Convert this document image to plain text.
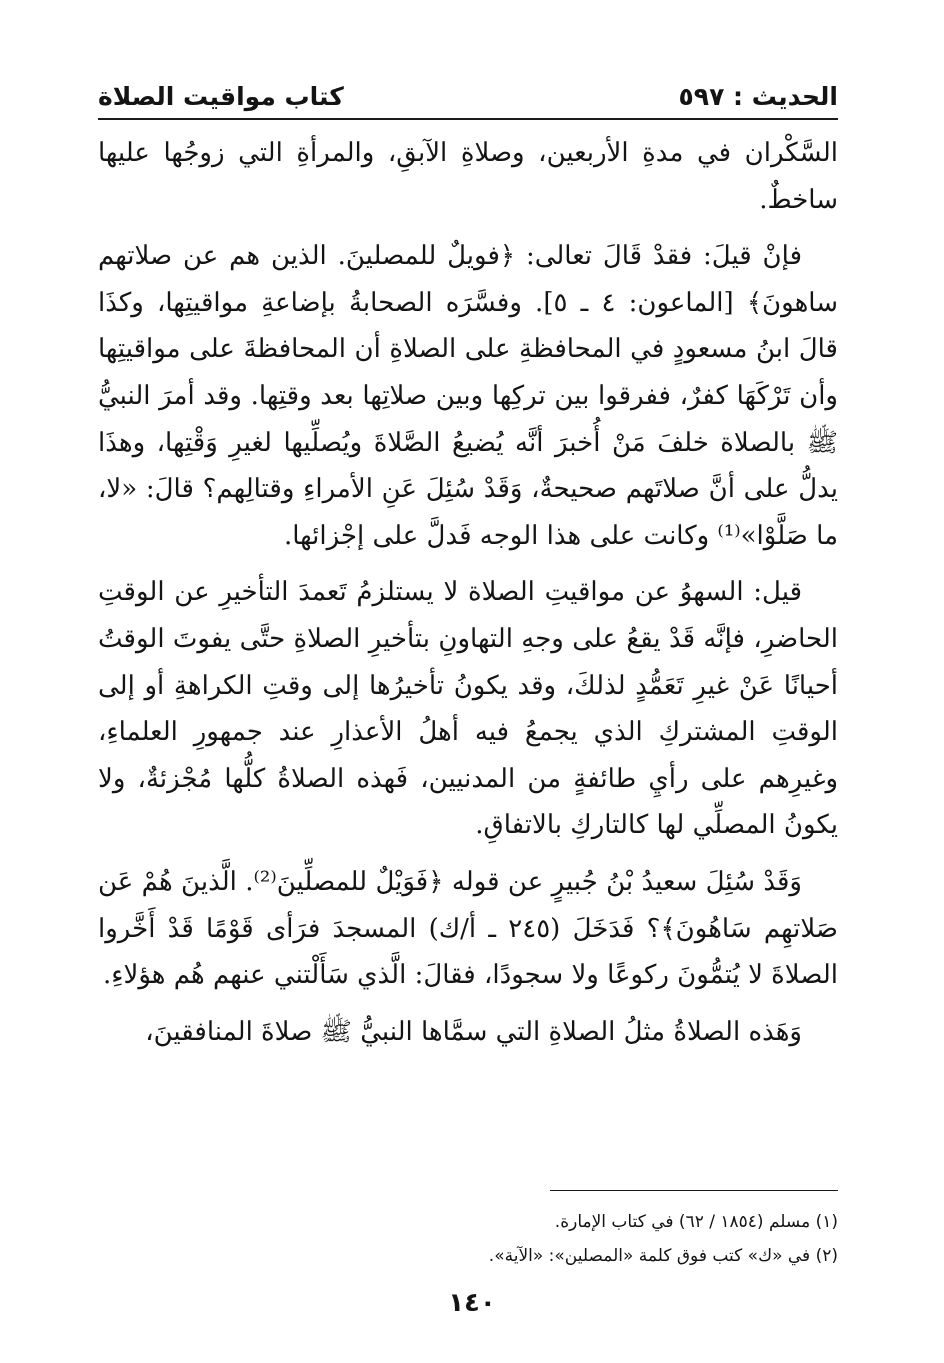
الحديث : ٥٩٧
كتاب مواقيت الصلاة

السَّكْران في مدةِ الأربعين، وصلاةِ الآبقِ، والمرأةِ التي زوجُها عليها ساخطٌ.

فإنْ قيلَ: فقدْ قَالَ تعالى: ﴿فويلٌ للمصلينَ. الذين هم عن صلاتهم ساهونَ﴾ [الماعون: ٤ ـ ٥]. وفسَّرَه الصحابةُ بإضاعةِ مواقيتِها، وكذَا قالَ ابنُ مسعودٍ في المحافظةِ على الصلاةِ أن المحافظةَ على مواقيتِها وأن تَرْكَهَا كفرٌ، ففرقوا بين تركِها وبين صلاتِها بعد وقتِها. وقد أمرَ النبيُّ ﷺ بالصلاة خلفَ مَنْ أُخبرَ أنَّه يُضيعُ الصَّلاةَ ويُصلِّيها لغيرِ وَقْتِها، وهذَا يدلُّ على أنَّ صلاتَهم صحيحةٌ، وَقَدْ سُئِلَ عَنِ الأمراءِ وقتالِهم؟ قالَ: «لا، ما صَلَّوْا»⁽¹⁾ وكانت على هذا الوجه فَدلَّ على إجْزائها.

قيل: السهوُ عن مواقيتِ الصلاة لا يستلزمُ تَعمدَ التأخيرِ عن الوقتِ الحاضرِ، فإنَّه قَدْ يقعُ على وجهِ التهاونِ بتأخيرِ الصلاةِ حتَّى يفوتَ الوقتُ أحيانًا عَنْ غيرِ تَعَمُّدٍ لذلكَ، وقد يكونُ تأخيرُها إلى وقتِ الكراهةِ أو إلى الوقتِ المشتركِ الذي يجمعُ فيه أهلُ الأعذارِ عند جمهورِ العلماءِ، وغيرِهم على رأيِ طائفةٍ من المدنيين، فَهذه الصلاةُ كلُّها مُجْزئةٌ، ولا يكونُ المصلِّي لها كالتاركِ بالاتفاقِ.

وَقَدْ سُئِلَ سعيدُ بْنُ جُبيرٍ عن قوله ﴿فَوَيْلٌ للمصلِّينَ⁽²⁾. الَّذينَ هُمْ عَن صَلاتهِم سَاهُونَ﴾؟ فَدَخَلَ (٢٤٥ ـ أ/ك) المسجدَ فرَأى قَوْمًا قَدْ أَخَّروا الصلاةَ لا يُتمُّونَ ركوعًا ولا سجودًا، فقالَ: الَّذي سَأَلْتني عنهم هُم هؤلاءِ.

وَهَذه الصلاةُ مثلُ الصلاةِ التي سمَّاها النبيُّ ﷺ صلاةَ المنافقينَ،

(١) مسلم (١٨٥٤ / ٦٢) في كتاب الإمارة.
(٢) في «ك» كتب فوق كلمة «المصلين»: «الآية».
١٤٠
